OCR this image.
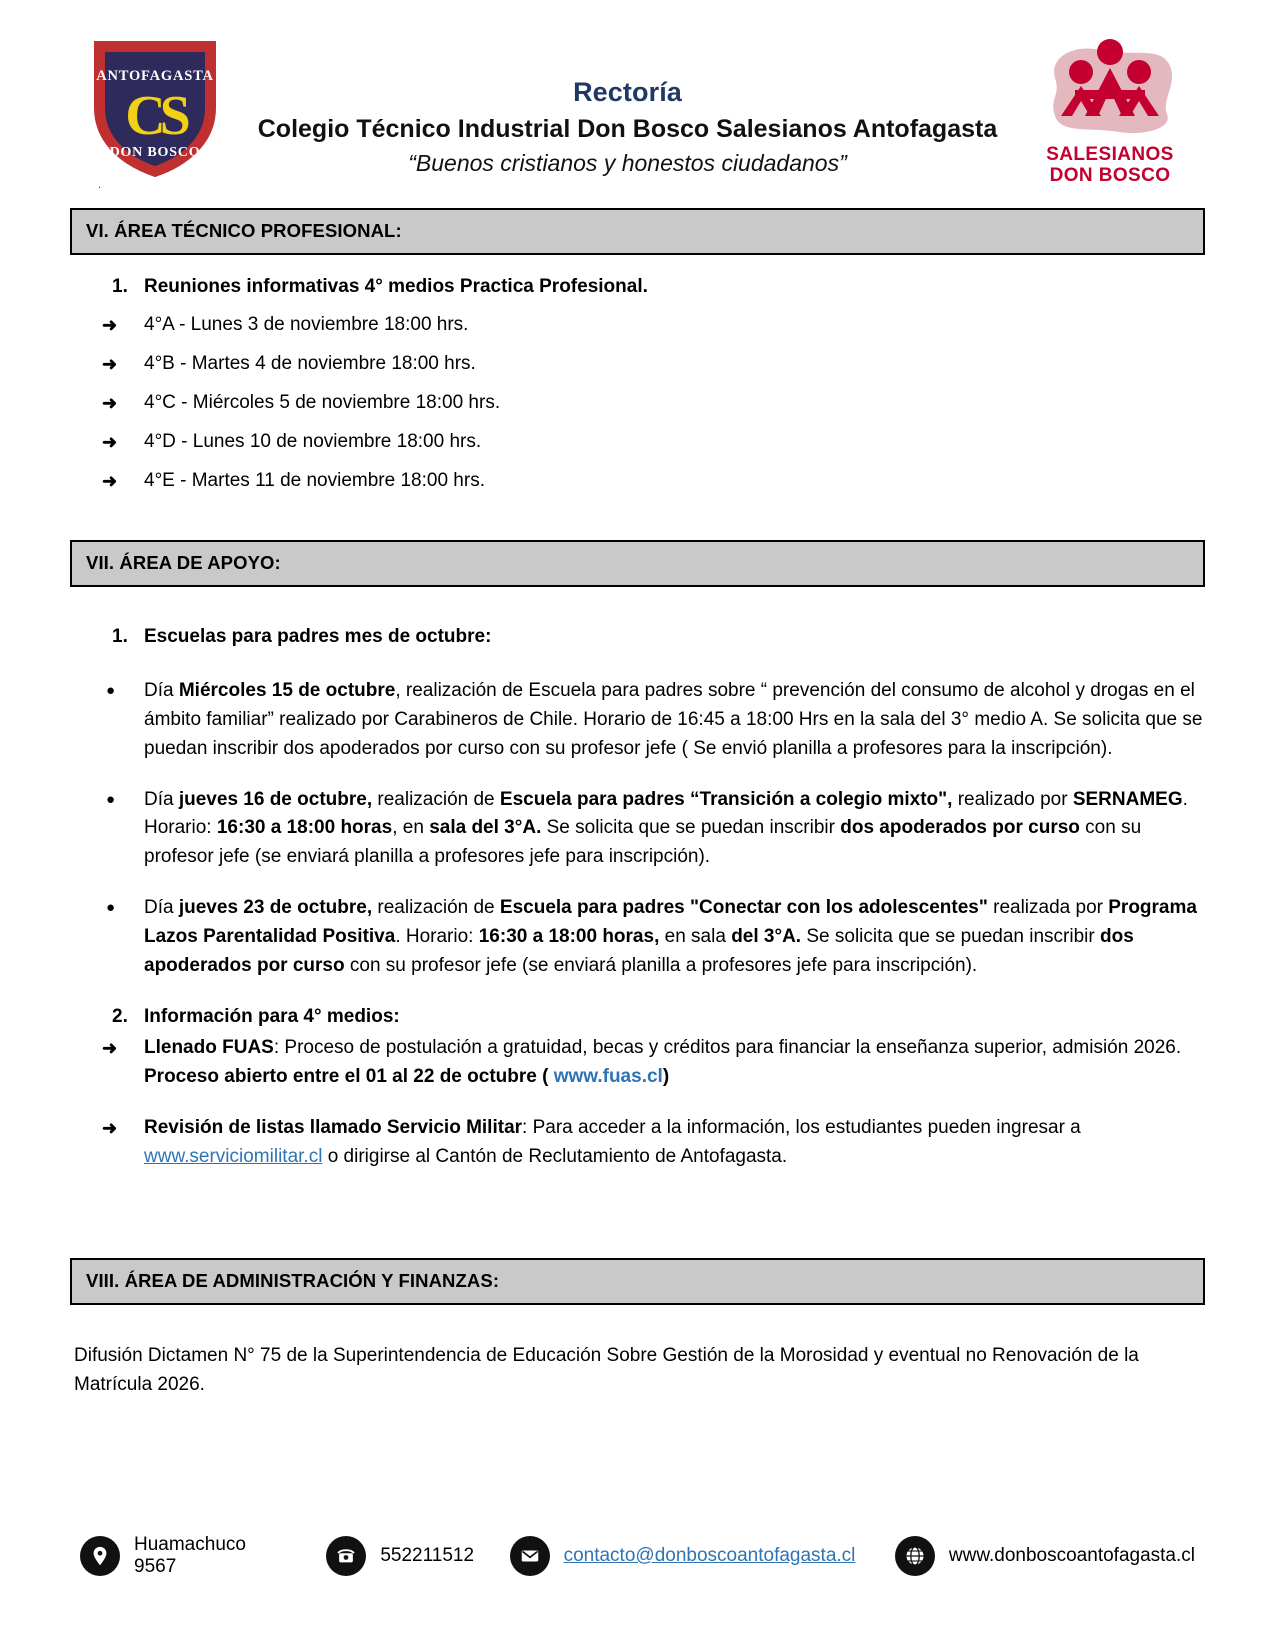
ANTOFAGASTA
CS
DON BOSCO
Rectoría
Colegio Técnico Industrial Don Bosco Salesianos Antofagasta
“Buenos cristianos y honestos ciudadanos”	SALESIANOS
DON BOSCO
.
VI. ÁREA TÉCNICO PROFESIONAL:
1. Reuniones informativas 4° medios Practica Profesional.
➜	4°A - Lunes 3 de noviembre 18:00 hrs.
➜	4°B - Martes 4 de noviembre 18:00 hrs.
➜	4°C - Miércoles 5 de noviembre 18:00 hrs.
➜	4°D - Lunes 10 de noviembre 18:00 hrs.
➜	4°E - Martes 11 de noviembre 18:00 hrs.
VII. ÁREA DE APOYO:
1. Escuelas para padres mes de octubre:
●	Día Miércoles 15 de octubre, realización de Escuela para padres sobre “ prevención del consumo de alcohol y drogas en el ámbito familiar” realizado por Carabineros de Chile. Horario de 16:45 a 18:00 Hrs en la sala del 3° medio A. Se solicita que se puedan inscribir dos apoderados por curso con su profesor jefe ( Se envió planilla a profesores para la inscripción).
●	Día jueves 16 de octubre, realización de Escuela para padres “Transición a colegio mixto", realizado por SERNAMEG. Horario: 16:30 a 18:00 horas, en sala del 3°A. Se solicita que se puedan inscribir dos apoderados por curso con su profesor jefe (se enviará planilla a profesores jefe para inscripción).
●	Día jueves 23 de octubre, realización de Escuela para padres "Conectar con los adolescentes" realizada por Programa Lazos Parentalidad Positiva. Horario: 16:30 a 18:00 horas, en sala del 3°A. Se solicita que se puedan inscribir dos apoderados por curso con su profesor jefe (se enviará planilla a profesores jefe para inscripción).
2. Información para 4° medios:
➜	Llenado FUAS: Proceso de postulación a gratuidad, becas y créditos para financiar la enseñanza superior, admisión 2026. Proceso abierto entre el 01 al 22 de octubre ( www.fuas.cl)
➜	Revisión de listas llamado Servicio Militar: Para acceder a la información, los estudiantes pueden ingresar a www.serviciomilitar.cl o dirigirse al Cantón de Reclutamiento de Antofagasta.
VIII. ÁREA DE ADMINISTRACIÓN Y FINANZAS:
Difusión Dictamen N° 75 de la Superintendencia de Educación Sobre Gestión de la Morosidad y eventual no Renovación de la Matrícula 2026.
Huamachuco 9567
552211512	contacto@donboscoantofagasta.cl	www.donboscoantofagasta.cl
